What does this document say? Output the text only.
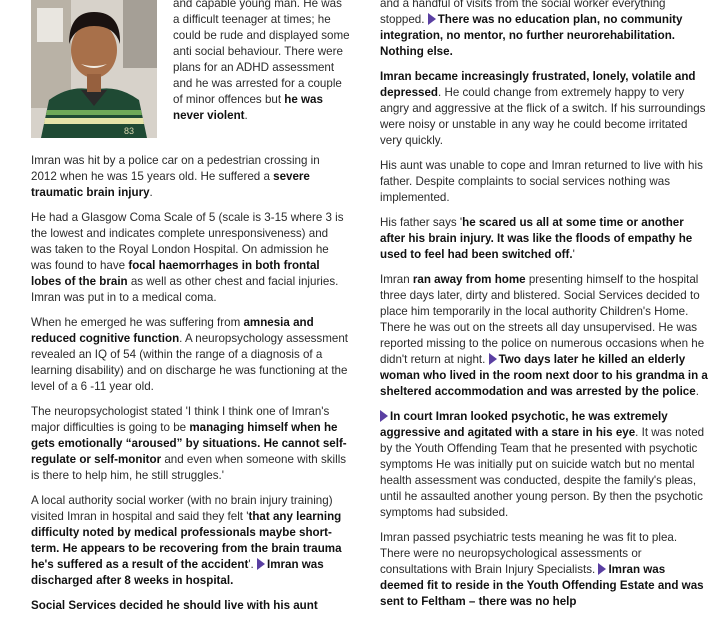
83

and capable young man. He was a difficult teenager at times; he could be rude and displayed some anti social behaviour. There were plans for an ADHD assessment and he was arrested for a couple of minor offences but he was never violent.

Imran was hit by a police car on a pedestrian crossing in 2012 when he was 15 years old. He suffered a severe traumatic brain injury.

He had a Glasgow Coma Scale of 5 (scale is 3-15 where 3 is the lowest and indicates complete unresponsiveness) and was taken to the Royal London Hospital. On admission he was found to have focal haemorrhages in both frontal lobes of the brain as well as other chest and facial injuries. Imran was put in to a medical coma.

When he emerged he was suffering from amnesia and reduced cognitive function. A neuropsychology assessment revealed an IQ of 54 (within the range of a diagnosis of a learning disability) and on discharge he was functioning at the level of a 6 -11 year old.

The neuropsychologist stated 'I think I think one of Imran's major difficulties is going to be managing himself when he gets emotionally “aroused” by situations. He cannot self-regulate or self-monitor and even when someone with skills is there to help him, he still struggles.'

A local authority social worker (with no brain injury training) visited Imran in hospital and said they felt 'that any learning difficulty noted by medical professionals maybe short-term. He appears to be recovering from the brain trauma he's suffered as a result of the accident'. Imran was discharged after 8 weeks in hospital.

Social Services decided he should live with his aunt

and a handful of visits from the social worker everything stopped. There was no education plan, no community integration, no mentor, no further neurorehabilitation. Nothing else.

Imran became increasingly frustrated, lonely, volatile and depressed. He could change from extremely happy to very angry and aggressive at the flick of a switch. If his surroundings were noisy or unstable in any way he could become irritated very quickly.

His aunt was unable to cope and Imran returned to live with his father. Despite complaints to social services nothing was implemented.

His father says 'he scared us all at some time or another after his brain injury. It was like the floods of empathy he used to feel had been switched off.'

Imran ran away from home presenting himself to the hospital three days later, dirty and blistered. Social Services decided to place him temporarily in the local authority Children's Home. There he was out on the streets all day unsupervised. He was reported missing to the police on numerous occasions when he didn't return at night. Two days later he killed an elderly woman who lived in the room next door to his grandma in a sheltered accommodation and was arrested by the police.

In court Imran looked psychotic, he was extremely aggressive and agitated with a stare in his eye. It was noted by the Youth Offending Team that he presented with psychotic symptoms He was initially put on suicide watch but no mental health assessment was conducted, despite the family's pleas, until he assaulted another young person. By then the psychotic symptoms had subsided.

Imran passed psychiatric tests meaning he was fit to plea. There were no neuropsychological assessments or consultations with Brain Injury Specialists. Imran was deemed fit to reside in the Youth Offending Estate and was sent to Feltham – there was no help
